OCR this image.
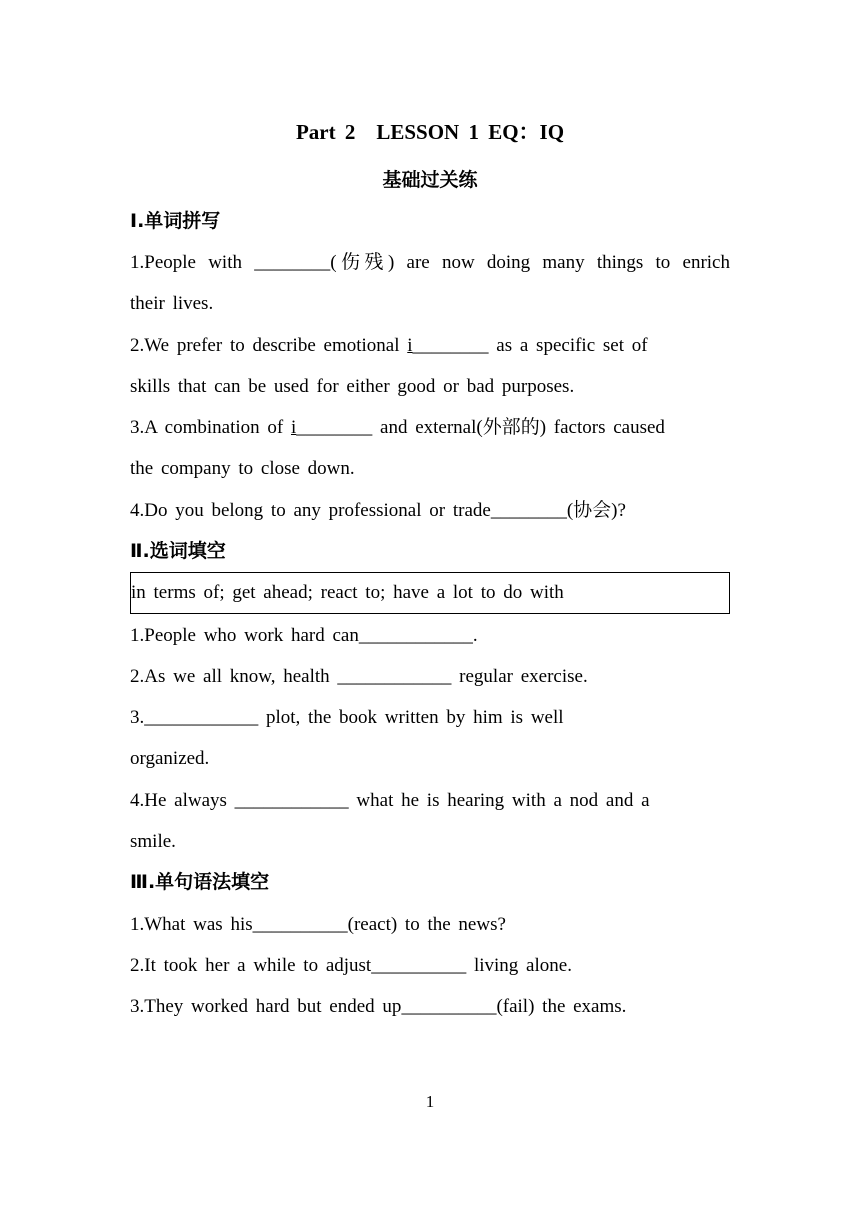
Part 2　LESSON 1 EQ：IQ
基础过关练
Ⅰ.单词拼写
1.People with ________(伤残) are now doing many things to enrich
their lives.
2.We prefer to describe emotional i________ as a specific set of
skills that can be used for either good or bad purposes.
3.A combination of i________ and external(外部的) factors caused
the company to close down.
4.Do you belong to any professional or trade________(协会)?
Ⅱ.选词填空
in terms of; get ahead; react to; have a lot to do with
1.People who work hard can____________.
2.As we all know, health ____________ regular exercise.
3.____________ plot, the book written by him is well
organized.
4.He always ____________ what he is hearing with a nod and a
smile.
Ⅲ.单句语法填空
1.What was his__________(react) to the news?
2.It took her a while to adjust__________ living alone.
3.They worked hard but ended up__________(fail) the exams.
1
